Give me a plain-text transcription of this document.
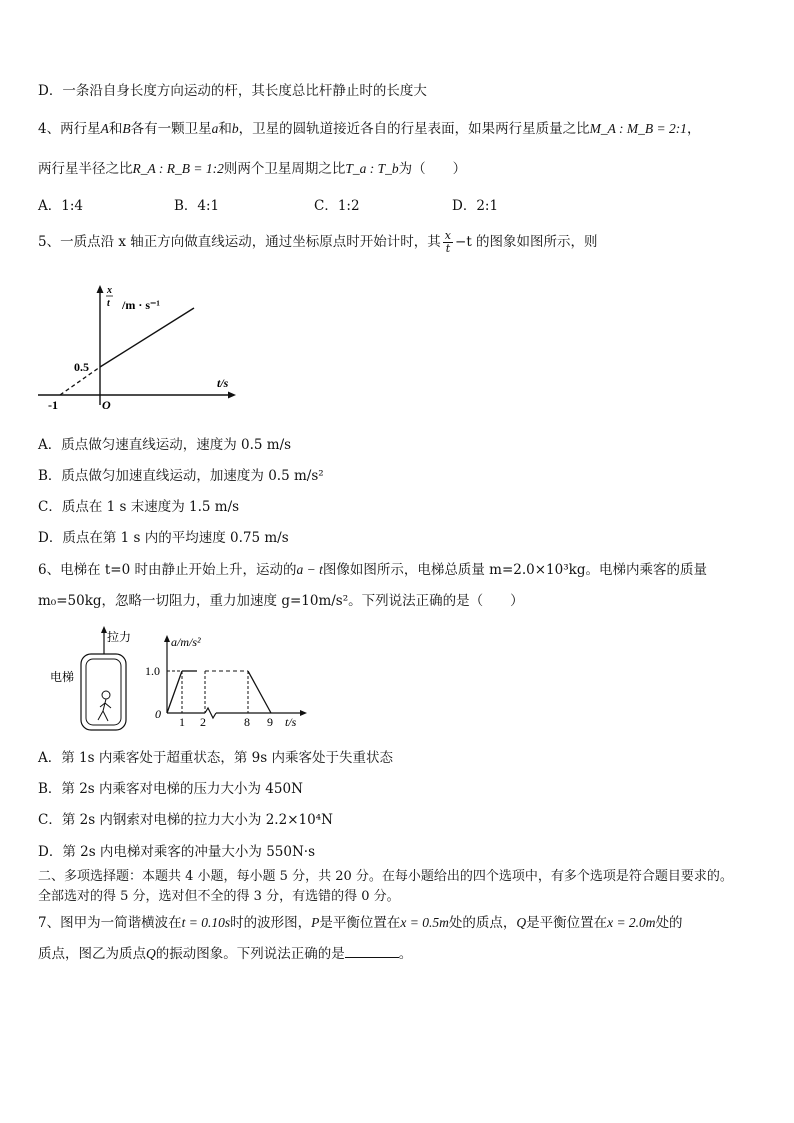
D．一条沿自身长度方向运动的杆，其长度总比杆静止时的长度大
4、两行星A和B各有一颗卫星a和b，卫星的圆轨道接近各自的行星表面，如果两行星质量之比M_A : M_B = 2:1，
两行星半径之比R_A : R_B = 1:2则两个卫星周期之比T_a : T_b为（　　）
A．1:4	B．4:1	C．1:2	D．2:1
5、一质点沿 x 轴正方向做直线运动，通过坐标原点时开始计时，其 $\frac{x}{t} -t$ 的图象如图所示，则
x
t /m · s⁻¹
t/s
0.5
-1	O
A．质点做匀速直线运动，速度为 0.5 m/s
B．质点做匀加速直线运动，加速度为 0.5 m/s²
C．质点在 1 s 末速度为 1.5 m/s
D．质点在第 1 s 内的平均速度 0.75 m/s
6、电梯在 t=0 时由静止开始上升，运动的a − t图像如图所示，电梯总质量 m=2.0×10³kg。电梯内乘客的质量
m₀=50kg，忽略一切阻力，重力加速度 g=10m/s²。下列说法正确的是（　　）
拉力
电梯
a/m/s²
1.0
0
1 2	8 9 t/s
A．第 1s 内乘客处于超重状态，第 9s 内乘客处于失重状态
B．第 2s 内乘客对电梯的压力大小为 450N
C．第 2s 内钢索对电梯的拉力大小为 2.2×10⁴N
D．第 2s 内电梯对乘客的冲量大小为 550N·s
二、多项选择题：本题共 4 小题，每小题 5 分，共 20 分。在每小题给出的四个选项中，有多个选项是符合题目要求的。
全部选对的得 5 分，选对但不全的得 3 分，有选错的得 0 分。
7、图甲为一简谐横波在t = 0.10s时的波形图，P是平衡位置在x = 0.5m处的质点，Q是平衡位置在x = 2.0m处的
质点，图乙为质点Q的振动图象。下列说法正确的是	。
